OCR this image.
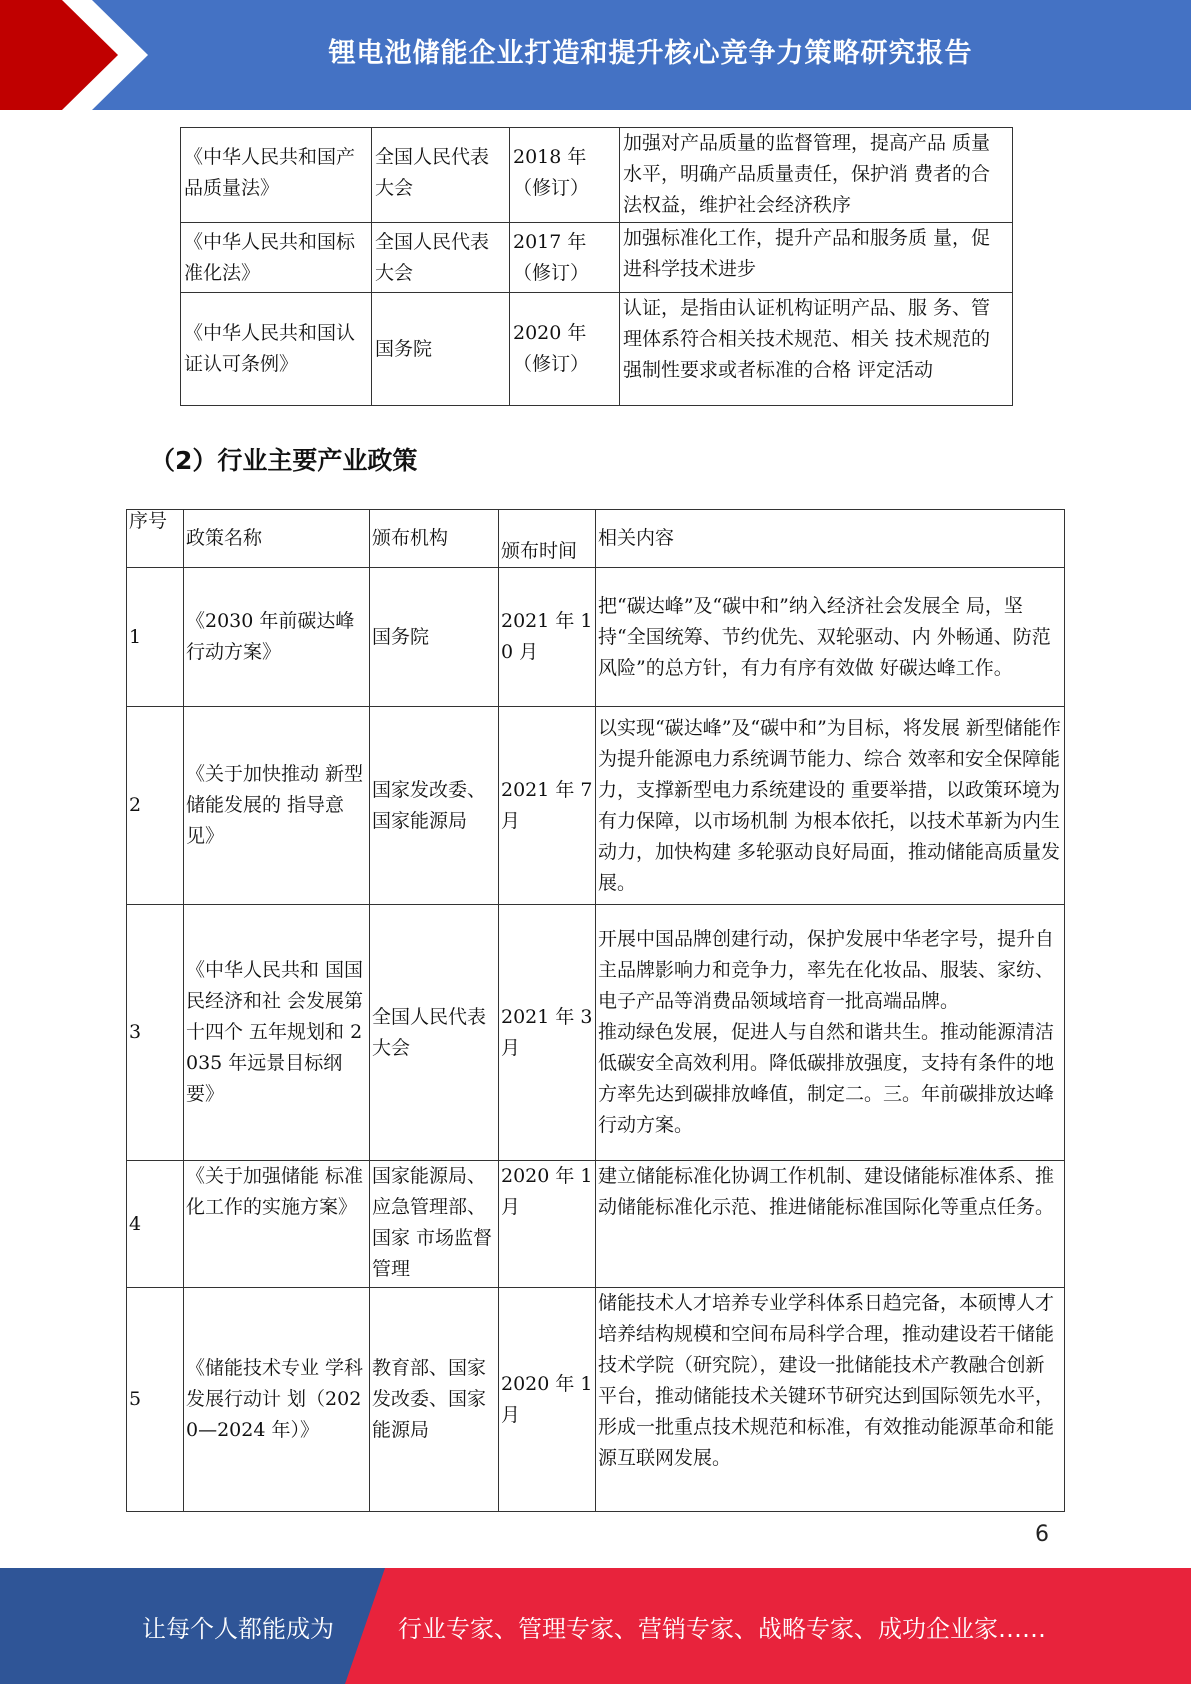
锂电池储能企业打造和提升核心竞争力策略研究报告
《中华人民共和国产品质量法》	全国人民代表大会	2018 年（修订）	加强对产品质量的监督管理，提高产品 质量水平，明确产品质量责任，保护消 费者的合法权益，维护社会经济秩序
《中华人民共和国标准化法》	全国人民代表大会	2017 年（修订）	加强标准化工作，提升产品和服务质 量，促进科学技术进步
《中华人民共和国认证认可条例》	国务院	2020 年（修订）	认证，是指由认证机构证明产品、服 务、管理体系符合相关技术规范、相关 技术规范的强制性要求或者标准的合格 评定活动
（2）行业主要产业政策
序号	政策名称	颁布机构	颁布时间	相关内容
1	《2030 年前碳达峰行动方案》	国务院	2021 年 10 月	把“碳达峰”及“碳中和”纳入经济社会发展全 局，坚持“全国统筹、节约优先、双轮驱动、内 外畅通、防范风险”的总方针，有力有序有效做 好碳达峰工作。
2	《关于加快推动 新型储能发展的 指导意见》	国家发改委、国家能源局	2021 年 7 月	以实现“碳达峰”及“碳中和”为目标，将发展 新型储能作为提升能源电力系统调节能力、综合 效率和安全保障能力，支撑新型电力系统建设的 重要举措，以政策环境为有力保障，以市场机制 为根本依托，以技术革新为内生动力，加快构建 多轮驱动良好局面，推动储能高质量发展。
3	《中华人民共和 国国民经济和社 会发展第十四个 五年规划和 2035 年远景目标纲 要》	全国人民代表大会	2021 年 3 月	开展中国品牌创建行动，保护发展中华老字号，提升自主品牌影响力和竞争力，率先在化妆品、服装、家纺、电子产品等消费品领域培育一批高端品牌。
推动绿色发展，促进人与自然和谐共生。推动能源清洁低碳安全高效利用。降低碳排放强度，支持有条件的地方率先达到碳排放峰值，制定二。三。年前碳排放达峰行动方案。
4	《关于加强储能 标准化工作的实施方案》	国家能源局、应急管理部、国家 市场监督管理	2020 年 1 月	建立储能标准化协调工作机制、建设储能标准体系、推动储能标准化示范、推进储能标准国际化等重点任务。
5	《储能技术专业 学科发展行动计 划（2020—2024 年）》	教育部、国家发改委、国家能源局	2020 年 1 月	储能技术人才培养专业学科体系日趋完备，本硕博人才培养结构规模和空间布局科学合理，推动建设若干储能技术学院（研究院），建设一批储能技术产教融合创新平台，推动储能技术关键环节研究达到国际领先水平，形成一批重点技术规范和标准，有效推动能源革命和能源互联网发展。
6
让每个人都能成为	行业专家、管理专家、营销专家、战略专家、成功企业家……
